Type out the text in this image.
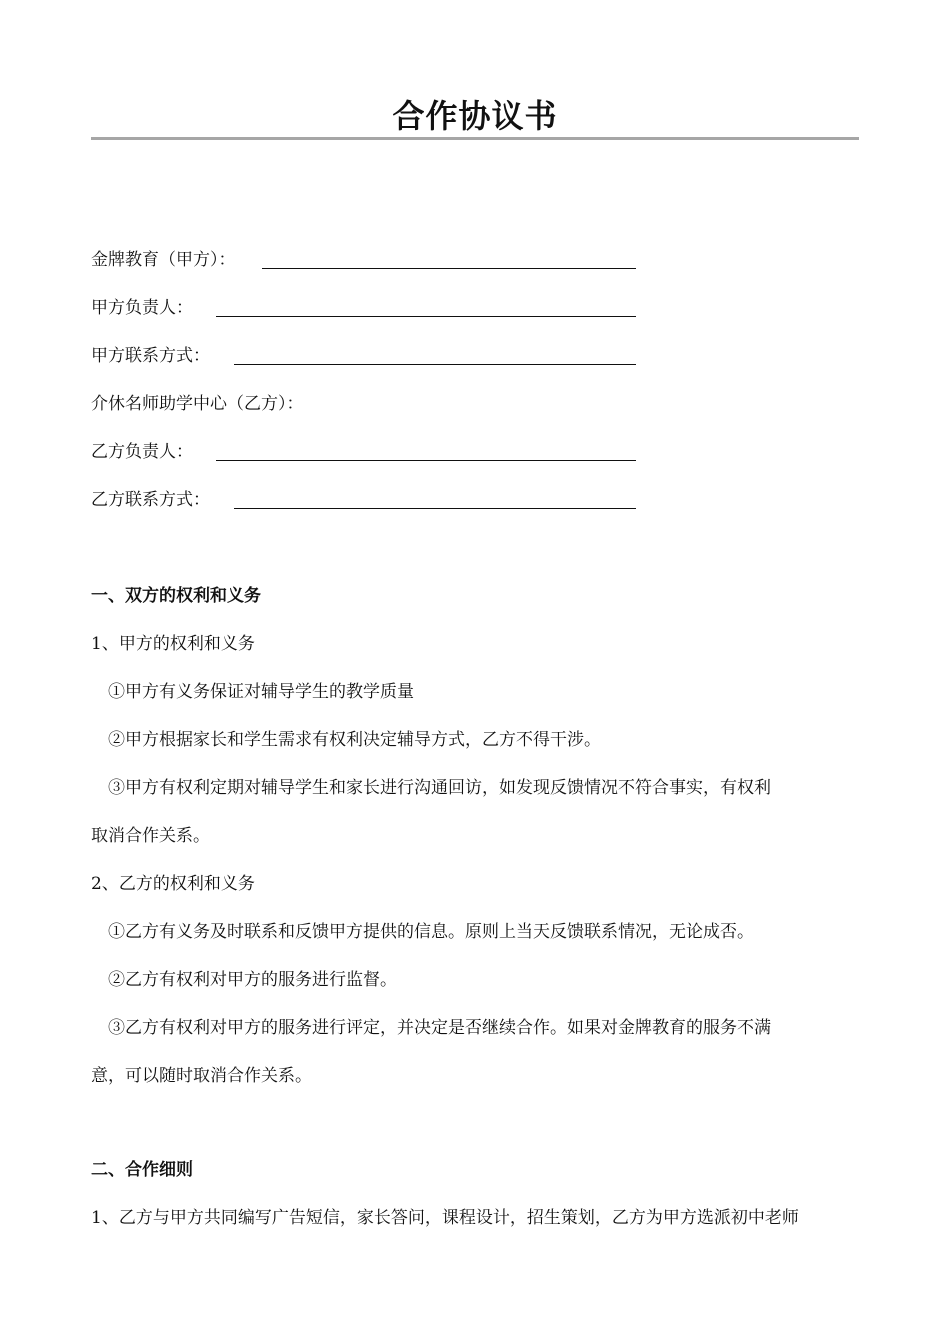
合作协议书
金牌教育（甲方）：
甲方负责人：
甲方联系方式：
介休名师助学中心（乙方）：
乙方负责人：
乙方联系方式：
一、双方的权利和义务
1、甲方的权利和义务
①甲方有义务保证对辅导学生的教学质量
②甲方根据家长和学生需求有权利决定辅导方式，乙方不得干涉。
③甲方有权利定期对辅导学生和家长进行沟通回访，如发现反馈情况不符合事实，有权利
取消合作关系。
2、乙方的权利和义务
①乙方有义务及时联系和反馈甲方提供的信息。原则上当天反馈联系情况，无论成否。
②乙方有权利对甲方的服务进行监督。
③乙方有权利对甲方的服务进行评定，并决定是否继续合作。如果对金牌教育的服务不满
意，可以随时取消合作关系。
二、合作细则
1、乙方与甲方共同编写广告短信，家长答问，课程设计，招生策划，乙方为甲方选派初中老师
